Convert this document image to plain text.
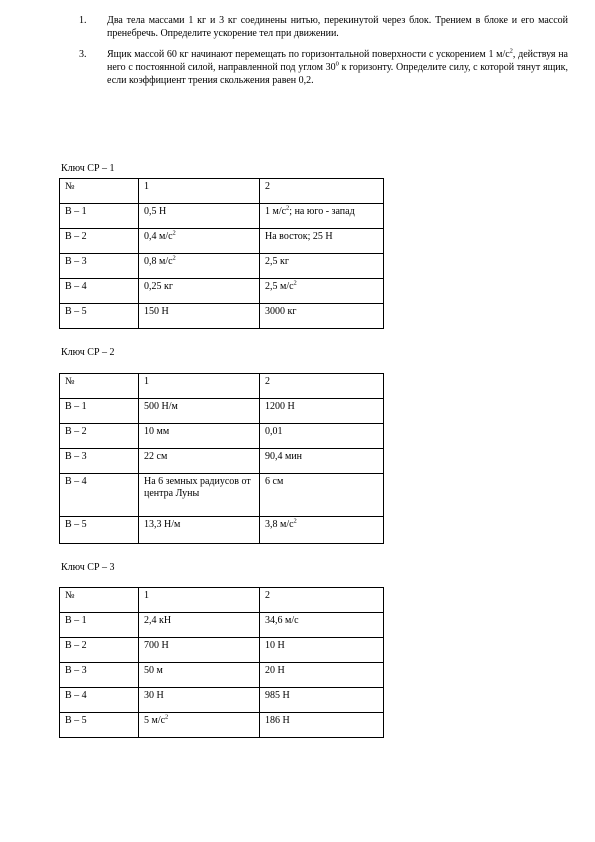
1.	Два тела массами 1 кг и 3 кг соединены нитью, перекинутой через блок. Трением в блоке и его массой пренебречь. Определите ускорение тел при движении.
3.	Ящик массой 60 кг начинают перемещать по горизонтальной поверхности с ускорением 1 $м/с^2$, действуя на него с постоянной силой, направленной под углом $30^0$ к горизонту. Определите силу, с которой тянут ящик, если коэффициент трения скольжения равен 0,2.
Ключ СР – 1
№	1	2
В – 1	0,5 Н	1 $м/с^2$; на юго - запад
В – 2	0,4 $м/с^2$	На восток; 25 Н
В – 3	0,8 $м/с^2$	2,5 кг
В – 4	0,25 кг	2,5 $м/с^2$
В – 5	150 Н	3000 кг
Ключ СР – 2
№	1	2
В – 1	500 Н/м	1200 Н
В – 2	10 мм	0,01
В – 3	22 см	90,4 мин
В – 4	На 6 земных радиусов от центра Луны	6 см
В – 5	13,3 Н/м	3,8 $м/с^2$
Ключ СР – 3
№	1	2
В – 1	2,4 кН	34,6 м/с
В – 2	700 Н	10 Н
В – 3	50 м	20 Н
В – 4	30 Н	985 Н
В – 5	5 $м/с^2$	186 Н
